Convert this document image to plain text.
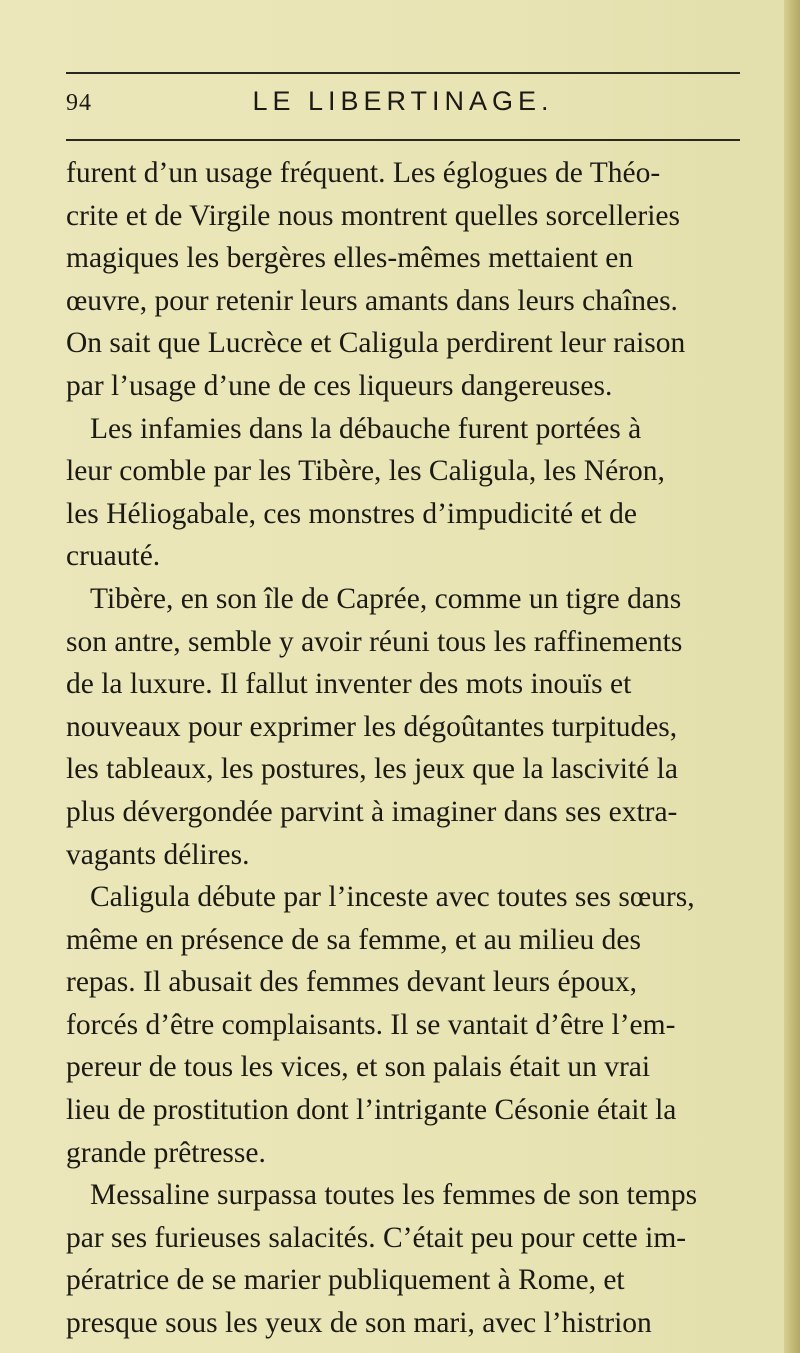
94	LE LIBERTINAGE.
furent d’un usage fréquent. Les églogues de Théo-
crite et de Virgile nous montrent quelles sorcelleries
magiques les bergères elles-mêmes mettaient en
œuvre, pour retenir leurs amants dans leurs chaînes.
On sait que Lucrèce et Caligula perdirent leur raison
par l’usage d’une de ces liqueurs dangereuses.
Les infamies dans la débauche furent portées à
leur comble par les Tibère, les Caligula, les Néron,
les Héliogabale, ces monstres d’impudicité et de
cruauté.
Tibère, en son île de Caprée, comme un tigre dans
son antre, semble y avoir réuni tous les raffinements
de la luxure. Il fallut inventer des mots inouïs et
nouveaux pour exprimer les dégoûtantes turpitudes,
les tableaux, les postures, les jeux que la lascivité la
plus dévergondée parvint à imaginer dans ses extra-
vagants délires.
Caligula débute par l’inceste avec toutes ses sœurs,
même en présence de sa femme, et au milieu des
repas. Il abusait des femmes devant leurs époux,
forcés d’être complaisants. Il se vantait d’être l’em-
pereur de tous les vices, et son palais était un vrai
lieu de prostitution dont l’intrigante Césonie était la
grande prêtresse.
Messaline surpassa toutes les femmes de son temps
par ses furieuses salacités. C’était peu pour cette im-
pératrice de se marier publiquement à Rome, et
presque sous les yeux de son mari, avec l’histrion
